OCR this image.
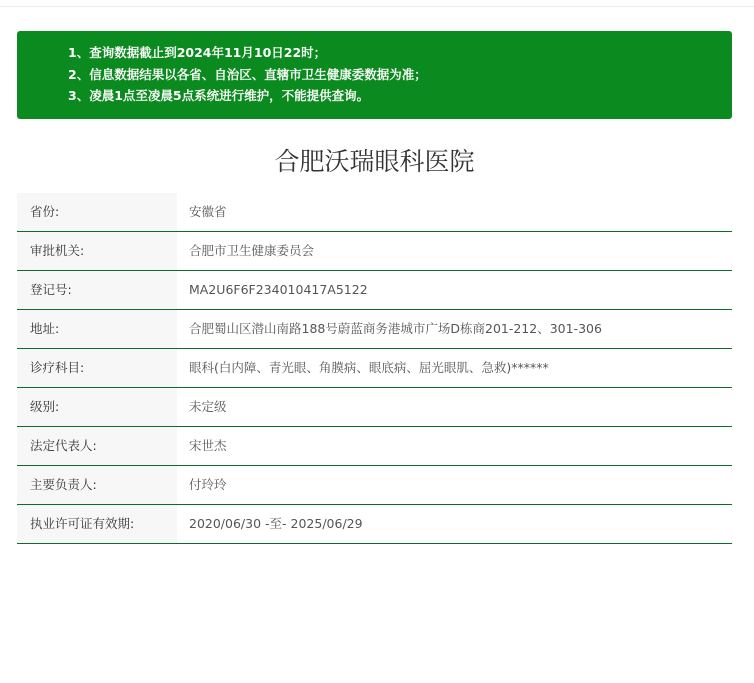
1、查询数据截止到2024年11月10日22时；
2、信息数据结果以各省、自治区、直辖市卫生健康委数据为准；
3、凌晨1点至凌晨5点系统进行维护，不能提供查询。
合肥沃瑞眼科医院
省份:	安徽省
审批机关:	合肥市卫生健康委员会
登记号:	MA2U6F6F234010417A5122
地址:	合肥蜀山区潜山南路188号蔚蓝商务港城市广场D栋商201-212、301-306
诊疗科目:	眼科(白内障、青光眼、角膜病、眼底病、屈光眼肌、急救)******
级别:	未定级
法定代表人:	宋世杰
主要负责人:	付玲玲
执业许可证有效期:	2020/06/30 -至- 2025/06/29
